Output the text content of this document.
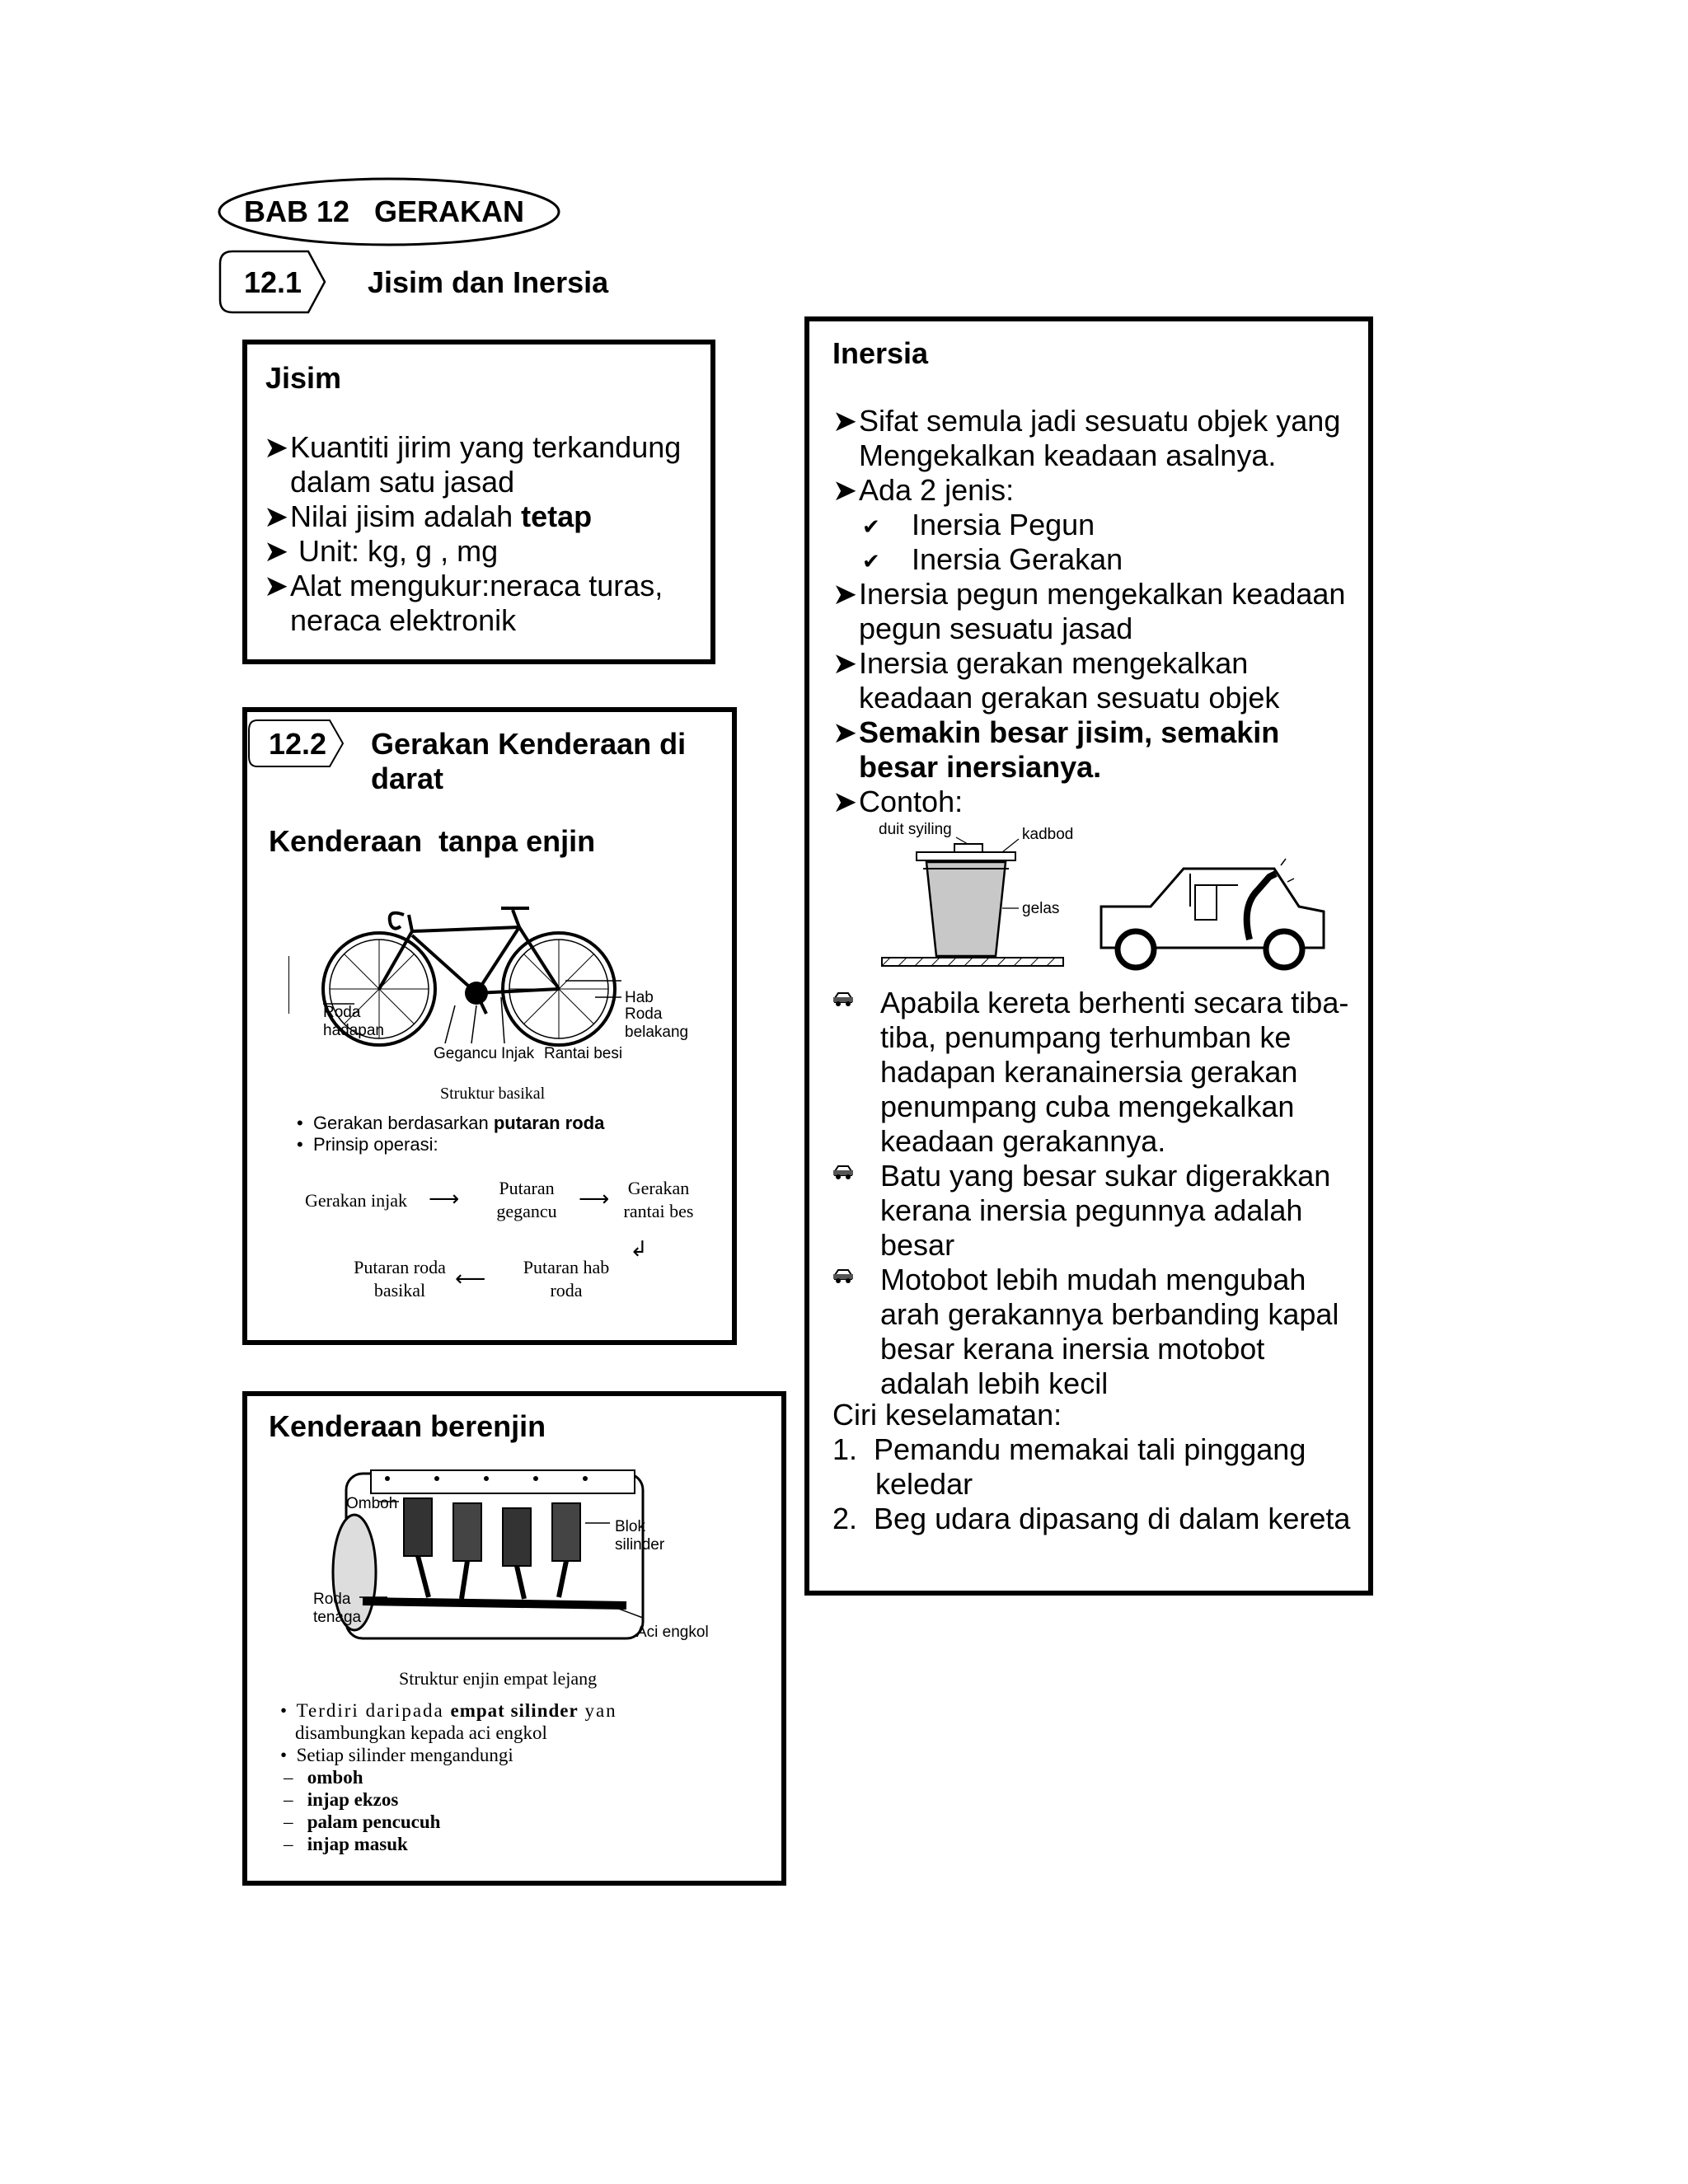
BAB 12   GERAKAN
12.1 Jisim dan Inersia
Jisim
➤ Kuantiti jirim yang terkandung dalam satu jasad
➤ Nilai jisim adalah tetap
➤ Unit: kg, g , mg
➤ Alat mengukur:neraca turas, neraca elektronik
12.2 Gerakan Kenderaan di darat
Kenderaan  tanpa enjin
Roda hadapan
Hab
Roda belakang
Gegancu Injak Rantai besi
Struktur basikal
•  Gerakan berdasarkan putaran roda
•  Prinsip operasi:
Gerakan injak ⟶	Putaran gegancu
⟶	Gerakan rantai bes
↲
Putaran hab roda
⟵
Putaran roda basikal
Kenderaan berenjin
Omboh
Blok silinder
Roda tenaga
Aci engkol
Struktur enjin empat lejang
•  Terdiri daripada empat silinder yan
disambungkan kepada aci engkol
•  Setiap silinder mengandungi
–   omboh
–   injap ekzos
–   palam pencucuh
–   injap masuk
Inersia
➤ Sifat semula jadi sesuatu objek yang Mengekalkan keadaan asalnya.
➤ Ada 2 jenis:
✔ Inersia Pegun
✔ Inersia Gerakan
➤ Inersia pegun mengekalkan keadaan pegun sesuatu jasad
➤ Inersia gerakan mengekalkan keadaan gerakan sesuatu objek
➤ Semakin besar jisim, semakin besar inersianya.
➤ Contoh:
duit syiling	kadbod
gelas
Apabila kereta berhenti secara tiba-tiba, penumpang terhumban ke hadapan keranainersia gerakan penumpang cuba mengekalkan keadaan gerakannya.
Batu yang besar sukar digerakkan kerana inersia pegunnya adalah besar
Motobot lebih mudah mengubah arah gerakannya berbanding kapal besar kerana inersia motobot adalah lebih kecil
Ciri keselamatan:
1.  Pemandu memakai tali pinggang keledar
2.  Beg udara dipasang di dalam kereta
